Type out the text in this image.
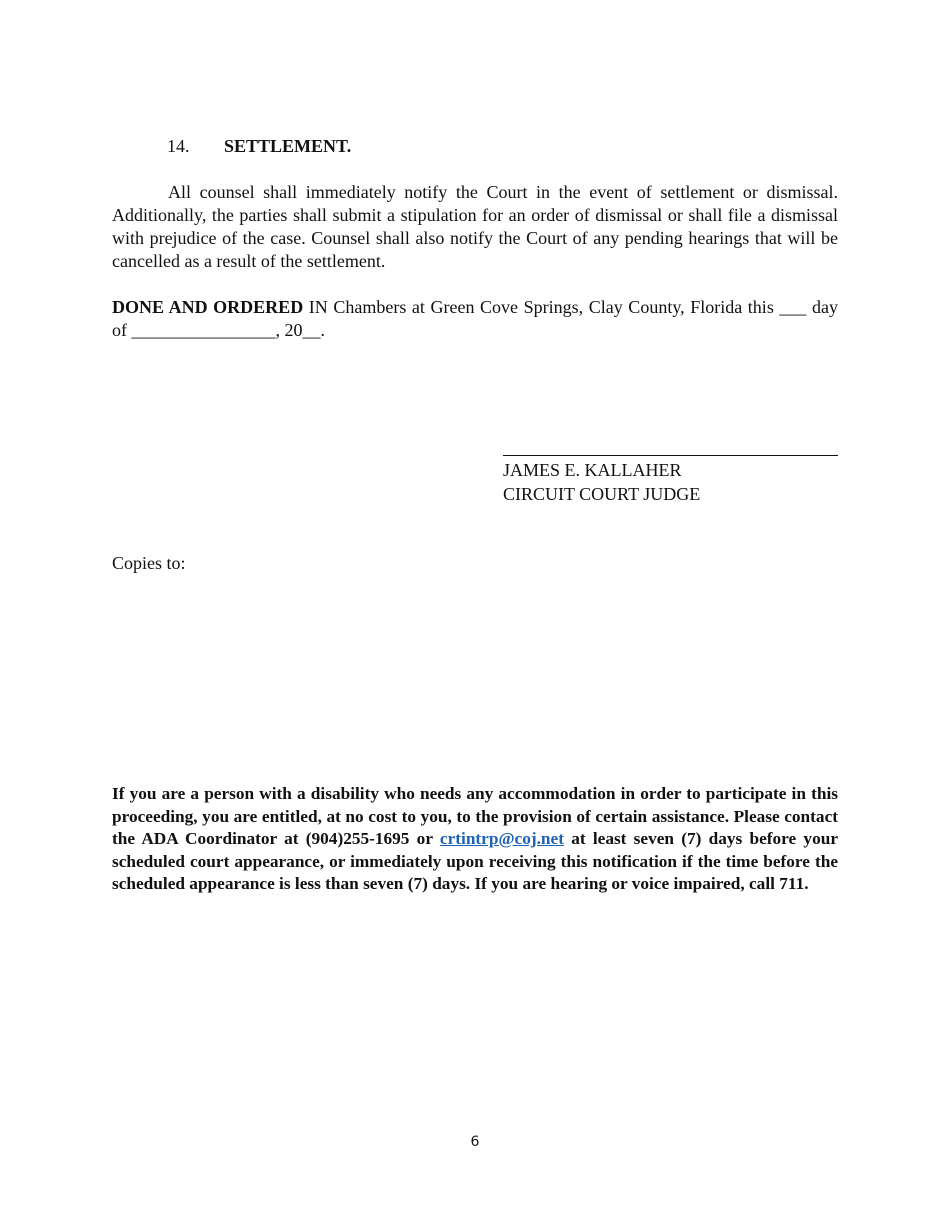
14. SETTLEMENT.
All counsel shall immediately notify the Court in the event of settlement or dismissal. Additionally, the parties shall submit a stipulation for an order of dismissal or shall file a dismissal with prejudice of the case. Counsel shall also notify the Court of any pending hearings that will be cancelled as a result of the settlement.
DONE AND ORDERED IN Chambers at Green Cove Springs, Clay County, Florida this ___ day of ________________, 20__.
JAMES E. KALLAHER
CIRCUIT COURT JUDGE
Copies to:
If you are a person with a disability who needs any accommodation in order to participate in this proceeding, you are entitled, at no cost to you, to the provision of certain assistance. Please contact the ADA Coordinator at (904)255-1695 or crtintrp@coj.net at least seven (7) days before your scheduled court appearance, or immediately upon receiving this notification if the time before the scheduled appearance is less than seven (7) days. If you are hearing or voice impaired, call 711.
6
